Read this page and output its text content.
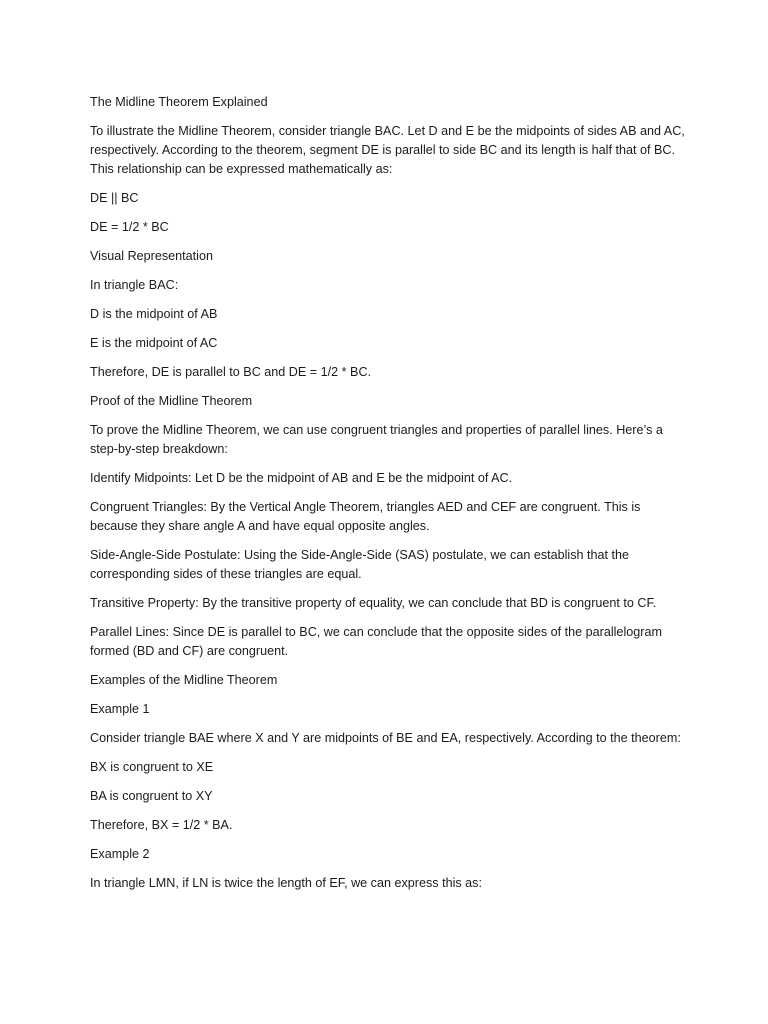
The Midline Theorem Explained

To illustrate the Midline Theorem, consider triangle BAC. Let D and E be the midpoints of sides AB and AC, respectively. According to the theorem, segment DE is parallel to side BC and its length is half that of BC. This relationship can be expressed mathematically as:

DE || BC

DE = 1/2 * BC

Visual Representation

In triangle BAC:

D is the midpoint of AB

E is the midpoint of AC

Therefore, DE is parallel to BC and DE = 1/2 * BC.

Proof of the Midline Theorem

To prove the Midline Theorem, we can use congruent triangles and properties of parallel lines. Here’s a step-by-step breakdown:

Identify Midpoints: Let D be the midpoint of AB and E be the midpoint of AC.

Congruent Triangles: By the Vertical Angle Theorem, triangles AED and CEF are congruent. This is because they share angle A and have equal opposite angles.

Side-Angle-Side Postulate: Using the Side-Angle-Side (SAS) postulate, we can establish that the corresponding sides of these triangles are equal.

Transitive Property: By the transitive property of equality, we can conclude that BD is congruent to CF.

Parallel Lines: Since DE is parallel to BC, we can conclude that the opposite sides of the parallelogram formed (BD and CF) are congruent.

Examples of the Midline Theorem

Example 1

Consider triangle BAE where X and Y are midpoints of BE and EA, respectively. According to the theorem:

BX is congruent to XE

BA is congruent to XY

Therefore, BX = 1/2 * BA.

Example 2

In triangle LMN, if LN is twice the length of EF, we can express this as:
